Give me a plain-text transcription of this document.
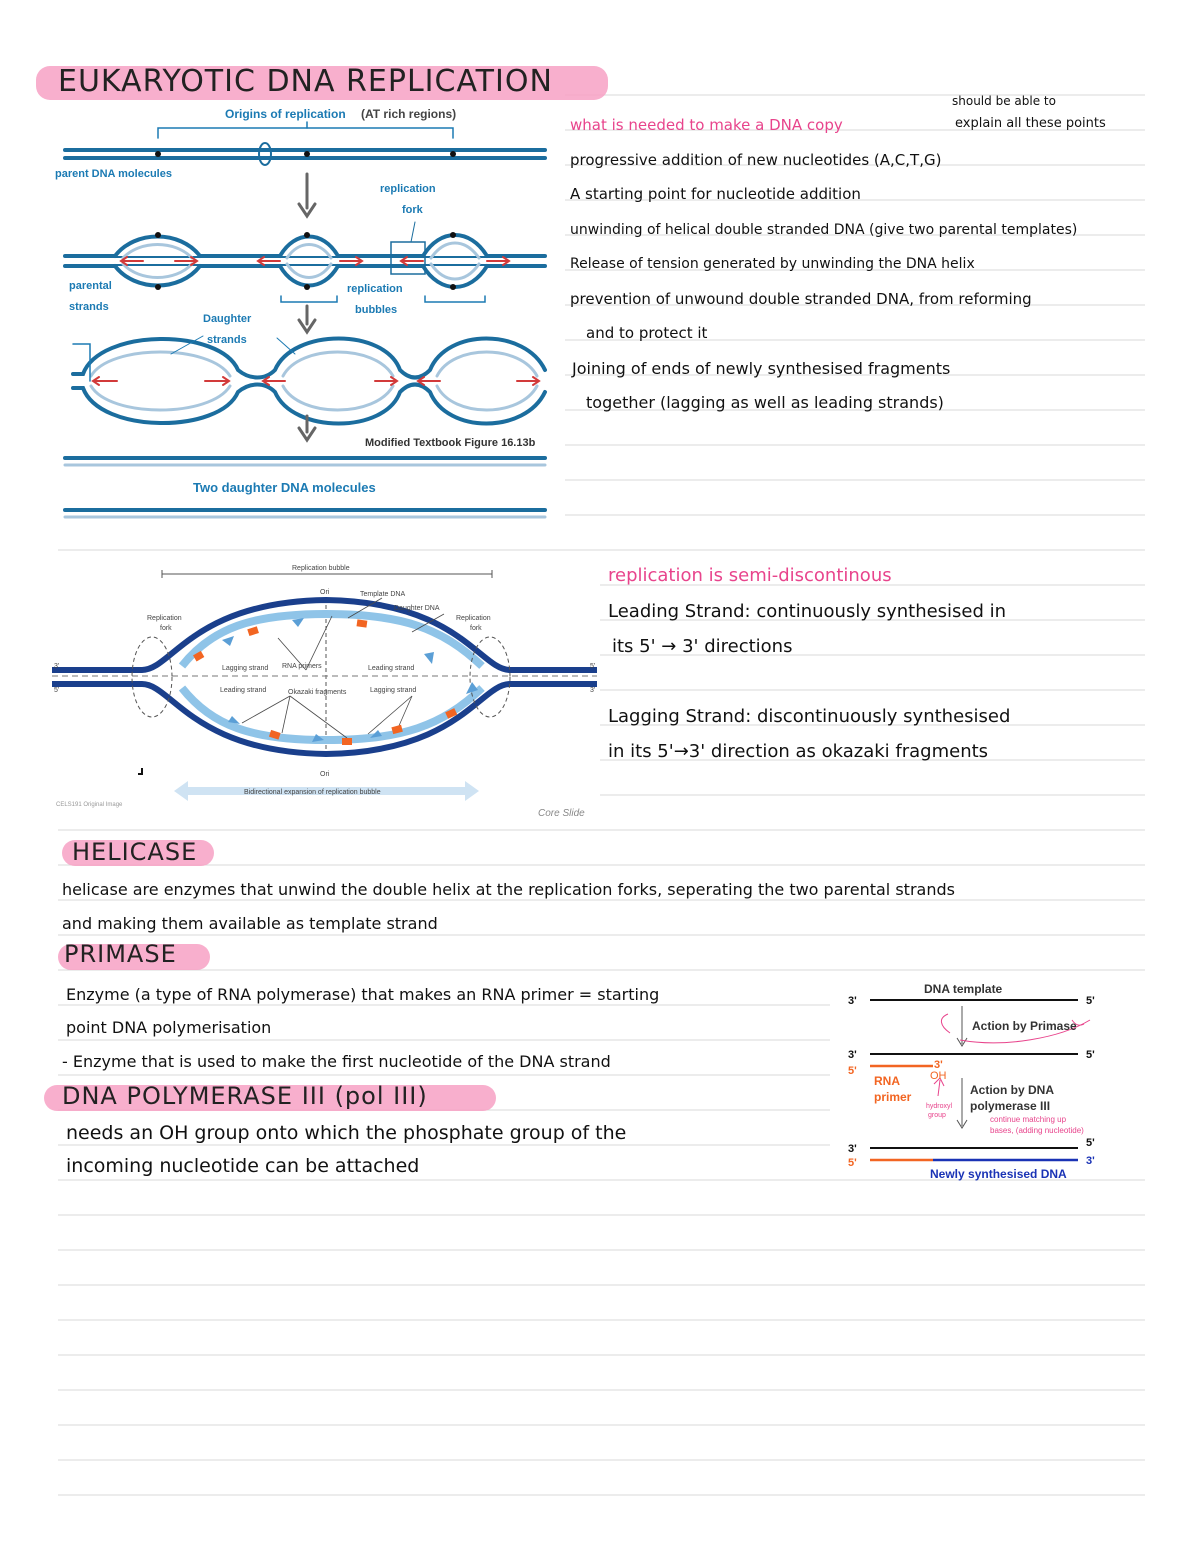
EUKARYOTIC DNA REPLICATION
Origins of replication (AT rich regions)
parent DNA molecules
replication
fork
parental
strands
replication
bubbles
Daughter
strands
Modified Textbook Figure 16.13b
Two daughter DNA molecules
what is needed to make a DNA copy
should be able to
explain all these points
progressive addition of new nucleotides (A,C,T,G)
A starting point for nucleotide addition
unwinding of helical double stranded DNA (give two parental templates)
Release of tension generated by unwinding the DNA helix
prevention of unwound double stranded DNA, from reforming
and to protect it
Joining of ends of newly synthesised fragments
together (lagging as well as leading strands)
Replication bubble
Ori	Template DNA
Daughter DNA
Replication
fork
Replication
fork
Lagging strand RNA primers	Leading strand
Leading strand	Okazaki fragments	Lagging strand
3'
5'
5'
3'
Ori
Bidirectional expansion of replication bubble
CELS191 Original Image
Core Slide
replication is semi-discontinous
Leading Strand: continuously synthesised in
its 5' → 3' directions
Lagging Strand: discontinuously synthesised
in its 5'→3' direction as okazaki fragments
HELICASE
helicase are enzymes that unwind the double helix at the replication forks, seperating the two parental strands
and making them available as template strand
PRIMASE
Enzyme (a type of RNA polymerase) that makes an RNA primer = starting
point DNA polymerisation
- Enzyme that is used to make the first nucleotide of the DNA strand
DNA POLYMERASE III (pol III)
needs an OH group onto which the phosphate group of the
incoming nucleotide can be attached
3'
DNA template
5'
Action by Primase
3'	5'
5'	3'
OH
RNA
primer
hydroxyl
group
Action by DNA
polymerase III
continue matching up
bases, (adding nucleotide)
3'	5'
5'	3'
Newly synthesised DNA
